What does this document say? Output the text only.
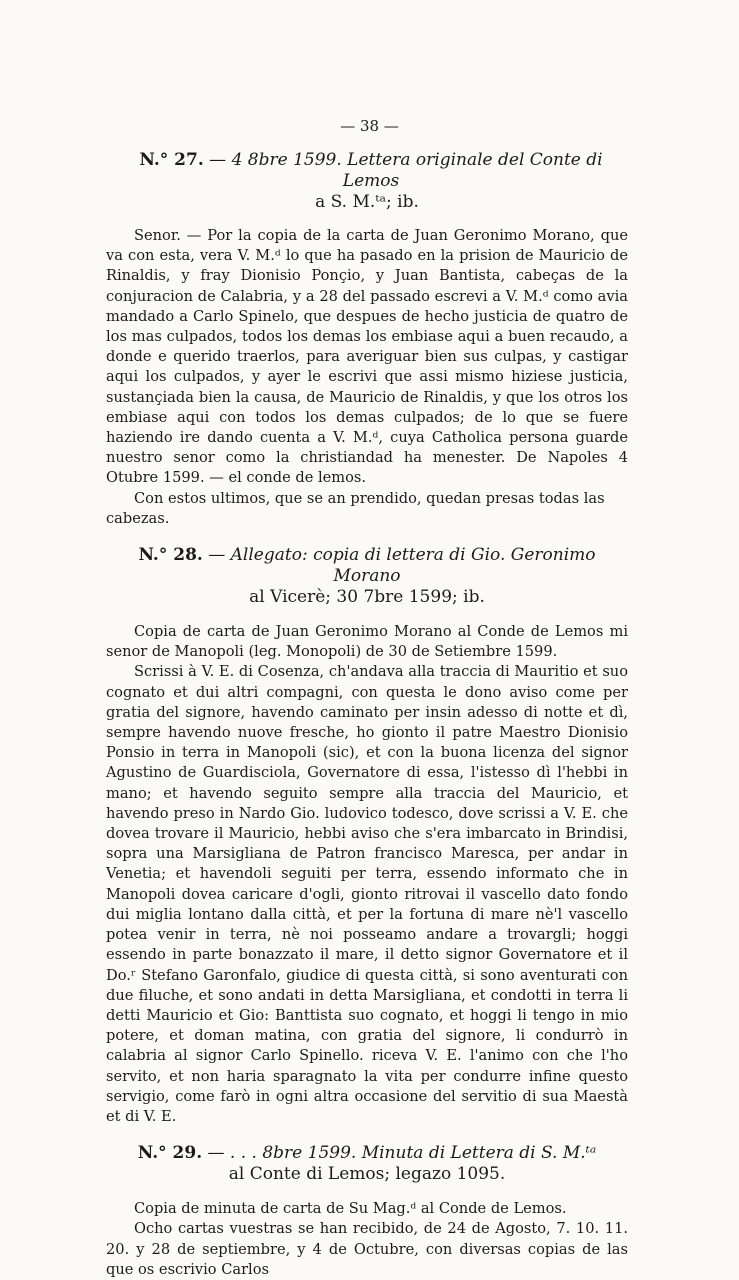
— 38 —
N.° 27. — 4 8bre 1599. Lettera originale del Conte di Lemos
a S. M.ᵗᵃ; ib.

Senor. — Por la copia de la carta de Juan Geronimo Morano, que va con esta, vera V. M.ᵈ lo que ha pasado en la prision de Mauricio de Rinaldis, y fray Dionisio Ponçio, y Juan Bantista, cabeças de la conjuracion de Calabria, y a 28 del passado escrevi a V. M.ᵈ como avia mandado a Carlo Spinelo, que despues de hecho justicia de quatro de los mas culpados, todos los demas los embiase aqui a buen recaudo, a donde e querido traerlos, para averiguar bien sus culpas, y castigar aqui los culpados, y ayer le escrivi que assi mismo hiziese justicia, sustançiada bien la causa, de Mauricio de Rinaldis, y que los otros los embiase aqui con todos los demas culpados; de lo que se fuere haziendo ire dando cuenta a V. M.ᵈ, cuya Catholica persona guarde nuestro senor como la christiandad ha menester. De Napoles 4 Otubre 1599. — el conde de lemos.

Con estos ultimos, que se an prendido, quedan presas todas las cabezas.

N.° 28. — Allegato: copia di lettera di Gio. Geronimo Morano
al Vicerè; 30 7bre 1599; ib.

Copia de carta de Juan Geronimo Morano al Conde de Lemos mi senor de Manopoli (leg. Monopoli) de 30 de Setiembre 1599.

Scrissi à V. E. di Cosenza, ch'andava alla traccia di Mauritio et suo cognato et dui altri compagni, con questa le dono aviso come per gratia del signore, havendo caminato per insin adesso di notte et dì, sempre havendo nuove fresche, ho gionto il patre Maestro Dionisio Ponsio in terra in Manopoli (sic), et con la buona licenza del signor Agustino de Guardisciola, Governatore di essa, l'istesso dì l'hebbi in mano; et havendo seguito sempre alla traccia del Mauricio, et havendo preso in Nardo Gio. ludovico todesco, dove scrissi a V. E. che dovea trovare il Mauricio, hebbi aviso che s'era imbarcato in Brindisi, sopra una Marsigliana de Patron francisco Maresca, per andar in Venetia; et havendoli seguiti per terra, essendo informato che in Manopoli dovea caricare d'ogli, gionto ritrovai il vascello dato fondo dui miglia lontano dalla città, et per la fortuna di mare nè'l vascello potea venir in terra, nè noi posseamo andare a trovargli; hoggi essendo in parte bonazzato il mare, il detto signor Governatore et il Do.ʳ Stefano Garonfalo, giudice di questa città, si sono aventurati con due filuche, et sono andati in detta Marsigliana, et condotti in terra li detti Mauricio et Gio: Banttista suo cognato, et hoggi li tengo in mio potere, et doman matina, con gratia del signore, li condurrò in calabria al signor Carlo Spinello. riceva V. E. l'animo con che l'ho servito, et non haria sparagnato la vita per condurre infine questo servigio, come farò in ogni altra occasione del servitio di sua Maestà et di V. E.

N.° 29. — . . . 8bre 1599. Minuta di Lettera di S. M.ᵗᵃ
al Conte di Lemos; legazo 1095.

Copia de minuta de carta de Su Mag.ᵈ al Conde de Lemos.

Ocho cartas vuestras se han recibido, de 24 de Agosto, 7. 10. 11. 20. y 28 de septiembre, y 4 de Octubre, con diversas copias de las que os escrivio Carlos
